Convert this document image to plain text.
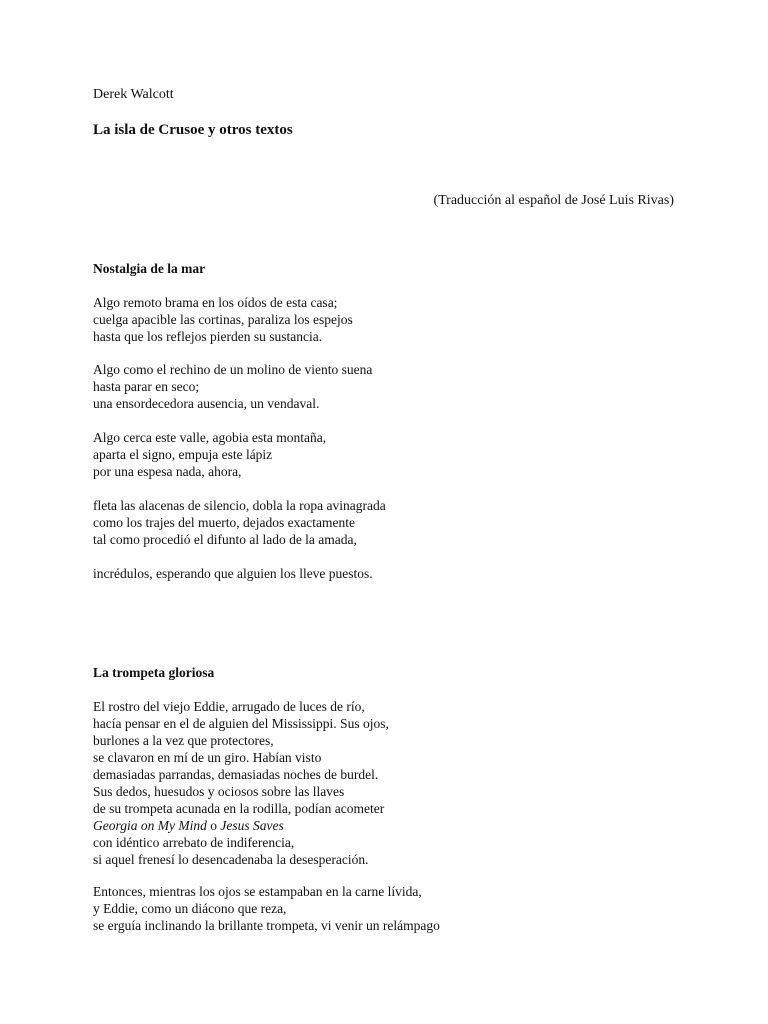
Derek Walcott
La isla de Crusoe y otros textos
(Traducción al español de José Luis Rivas)
Nostalgia de la mar
Algo remoto brama en los oídos de esta casa;
cuelga apacible las cortinas, paraliza los espejos
hasta que los reflejos pierden su sustancia.
Algo como el rechino de un molino de viento suena
hasta parar en seco;
una ensordecedora ausencia, un vendaval.
Algo cerca este valle, agobia esta montaña,
aparta el signo, empuja este lápiz
por una espesa nada, ahora,
fleta las alacenas de silencio, dobla la ropa avinagrada
como los trajes del muerto, dejados exactamente
tal como procedió el difunto al lado de la amada,
incrédulos, esperando que alguien los lleve puestos.
La trompeta gloriosa
El rostro del viejo Eddie, arrugado de luces de río,
hacía pensar en el de alguien del Mississippi. Sus ojos,
burlones a la vez que protectores,
se clavaron en mí de un giro. Habían visto
demasiadas parrandas, demasiadas noches de burdel.
Sus dedos, huesudos y ociosos sobre las llaves
de su trompeta acunada en la rodilla, podían acometer
Georgia on My Mind o Jesus Saves
con idéntico arrebato de indiferencia,
si aquel frenesí lo desencadenaba la desesperación.
Entonces, mientras los ojos se estampaban en la carne lívida,
y Eddie, como un diácono que reza,
se erguía inclinando la brillante trompeta, vi venir un relámpago
